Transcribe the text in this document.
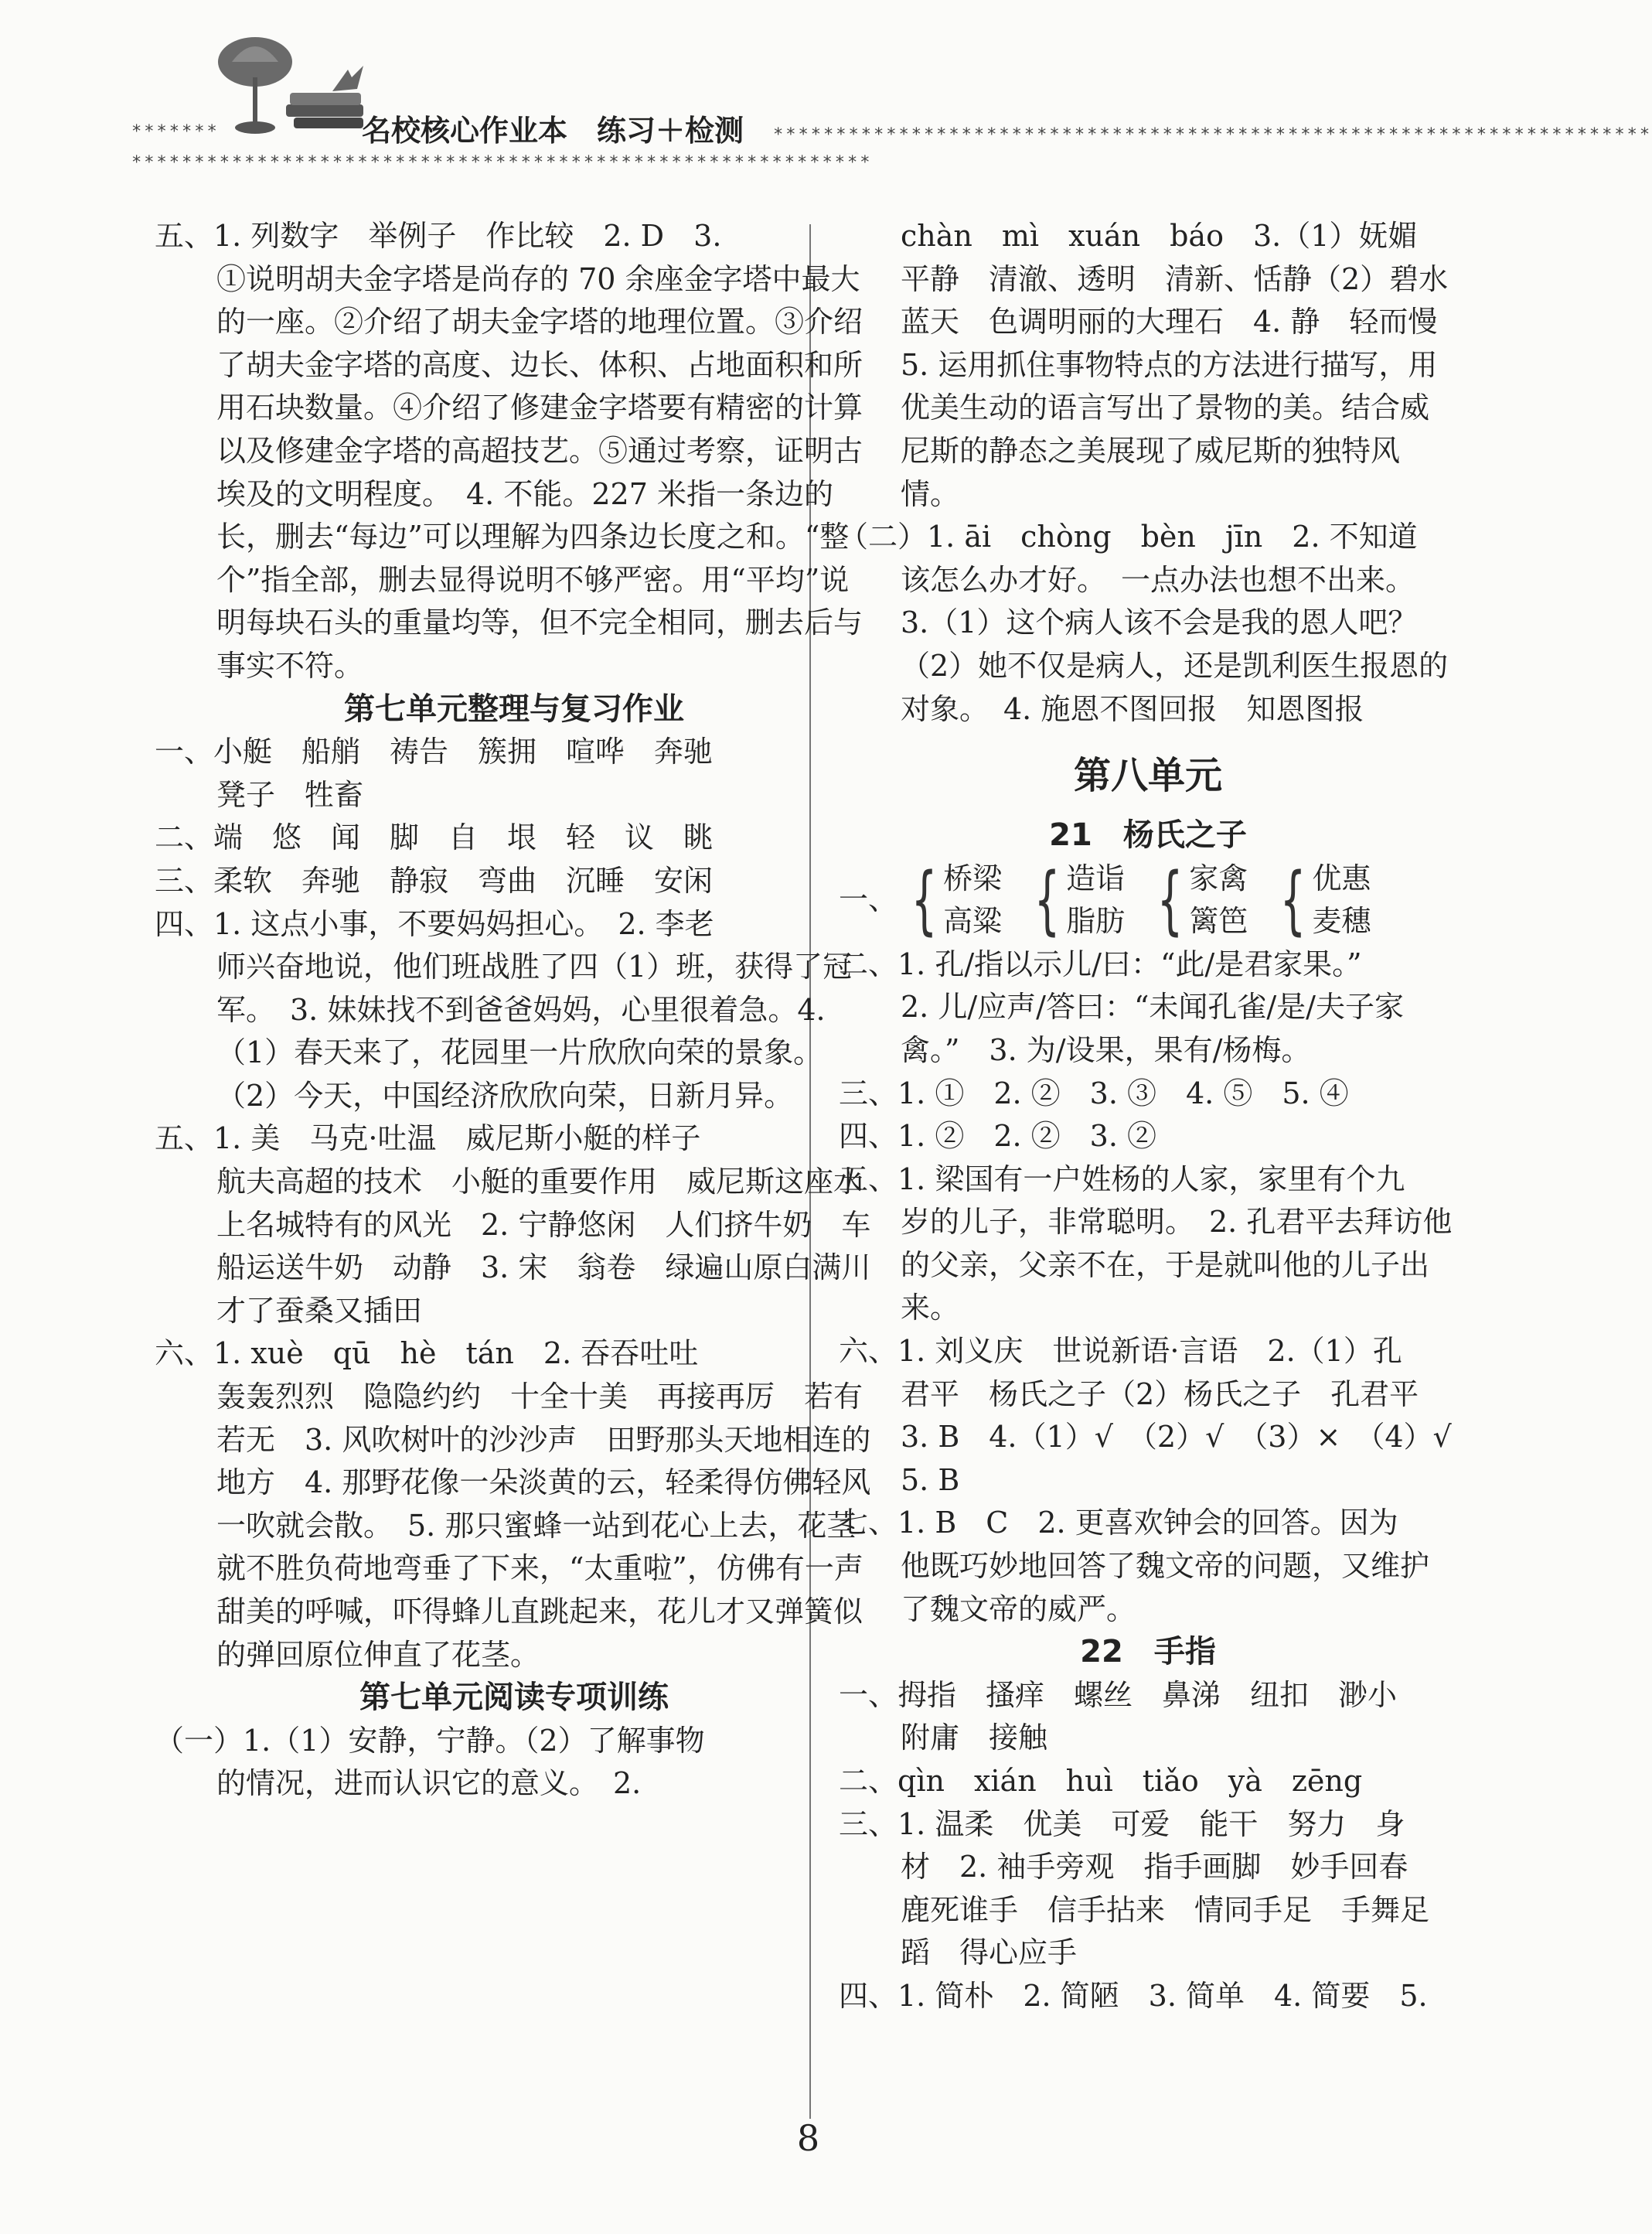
*******	名校核心作业本　练习＋检测 **********************************************************************
***********************************************************

五、1. 列数字　举例子　作比较　2. D　3.

①说明胡夫金字塔是尚存的 70 余座金字塔中最大的一座。②介绍了胡夫金字塔的地理位置。③介绍了胡夫金字塔的高度、边长、体积、占地面积和所用石块数量。④介绍了修建金字塔要有精密的计算以及修建金字塔的高超技艺。⑤通过考察，证明古埃及的文明程度。　4. 不能。227 米指一条边的长，删去“每边”可以理解为四条边长度之和。“整个”指全部，删去显得说明不够严密。用“平均”说明每块石头的重量均等，但不完全相同，删去后与事实不符。

第七单元整理与复习作业

一、小艇　船艄　祷告　簇拥　喧哗　奔驰

凳子　牲畜

二、端　悠　闻　脚　自　垠　轻　议　眺

三、柔软　奔驰　静寂　弯曲　沉睡　安闲

四、1. 这点小事，不要妈妈担心。　2. 李老

师兴奋地说，他们班战胜了四（1）班，获得了冠军。　3. 妹妹找不到爸爸妈妈，心里很着急。4.（1）春天来了，花园里一片欣欣向荣的景象。　（2）今天，中国经济欣欣向荣，日新月异。

五、1. 美　马克·吐温　威尼斯小艇的样子

航夫高超的技术　小艇的重要作用　威尼斯这座水上名城特有的风光　2. 宁静悠闲　人们挤牛奶　车船运送牛奶　动静　3. 宋　翁卷　绿遍山原白满川　才了蚕桑又插田

六、1. xuè　qū　hè　tán　2. 吞吞吐吐

轰轰烈烈　隐隐约约　十全十美　再接再厉　若有若无　3. 风吹树叶的沙沙声　田野那头天地相连的地方　4. 那野花像一朵淡黄的云，轻柔得仿佛轻风一吹就会散。　5. 那只蜜蜂一站到花心上去，花茎就不胜负荷地弯垂了下来，“太重啦”，仿佛有一声甜美的呼喊，吓得蜂儿直跳起来，花儿才又弹簧似的弹回原位伸直了花茎。

第七单元阅读专项训练

（一）1.（1）安静，宁静。（2）了解事物

的情况，进而认识它的意义。　2.

chàn　mì　xuán　báo　3.（1）妩媚　平静　清澈、透明　清新、恬静（2）碧水　蓝天　色调明丽的大理石　4. 静　轻而慢　5. 运用抓住事物特点的方法进行描写，用优美生动的语言写出了景物的美。结合威尼斯的静态之美展现了威尼斯的独特风情。

（二）1. āi　chòng　bèn　jīn　2. 不知道

该怎么办才好。　一点办法也想不出来。　3.（1）这个病人该不会是我的恩人吧？　（2）她不仅是病人，还是凯利医生报恩的对象。　4. 施恩不图回报　知恩图报

第八单元
21　杨氏之子
一、 { 桥梁
高粱 { 造诣
脂肪 { 家禽
篱笆 { 优惠
麦穗

二、1. 孔/指以示儿/曰：“此/是君家果。”

2. 儿/应声/答曰：“未闻孔雀/是/夫子家禽。”　3. 为/设果，果有/杨梅。

三、1. ①　2. ②　3. ③　4. ⑤　5. ④

四、1. ②　2. ②　3. ②

五、1. 梁国有一户姓杨的人家，家里有个九

岁的儿子，非常聪明。　2. 孔君平去拜访他的父亲，父亲不在，于是就叫他的儿子出来。

六、1. 刘义庆　世说新语·言语　2.（1）孔

君平　杨氏之子（2）杨氏之子　孔君平　3. B　4.（1）√　（2）√　（3）×　（4）√　5. B

七、1. B　C　2. 更喜欢钟会的回答。因为

他既巧妙地回答了魏文帝的问题，又维护了魏文帝的威严。

22　手指

一、拇指　搔痒　螺丝　鼻涕　纽扣　渺小

附庸　接触

二、qìn　xián　huì　tiǎo　yà　zēng

三、1. 温柔　优美　可爱　能干　努力　身

材　2. 袖手旁观　指手画脚　妙手回春　鹿死谁手　信手拈来　情同手足　手舞足蹈　得心应手

四、1. 简朴　2. 简陋　3. 简单　4. 简要　5.

8
